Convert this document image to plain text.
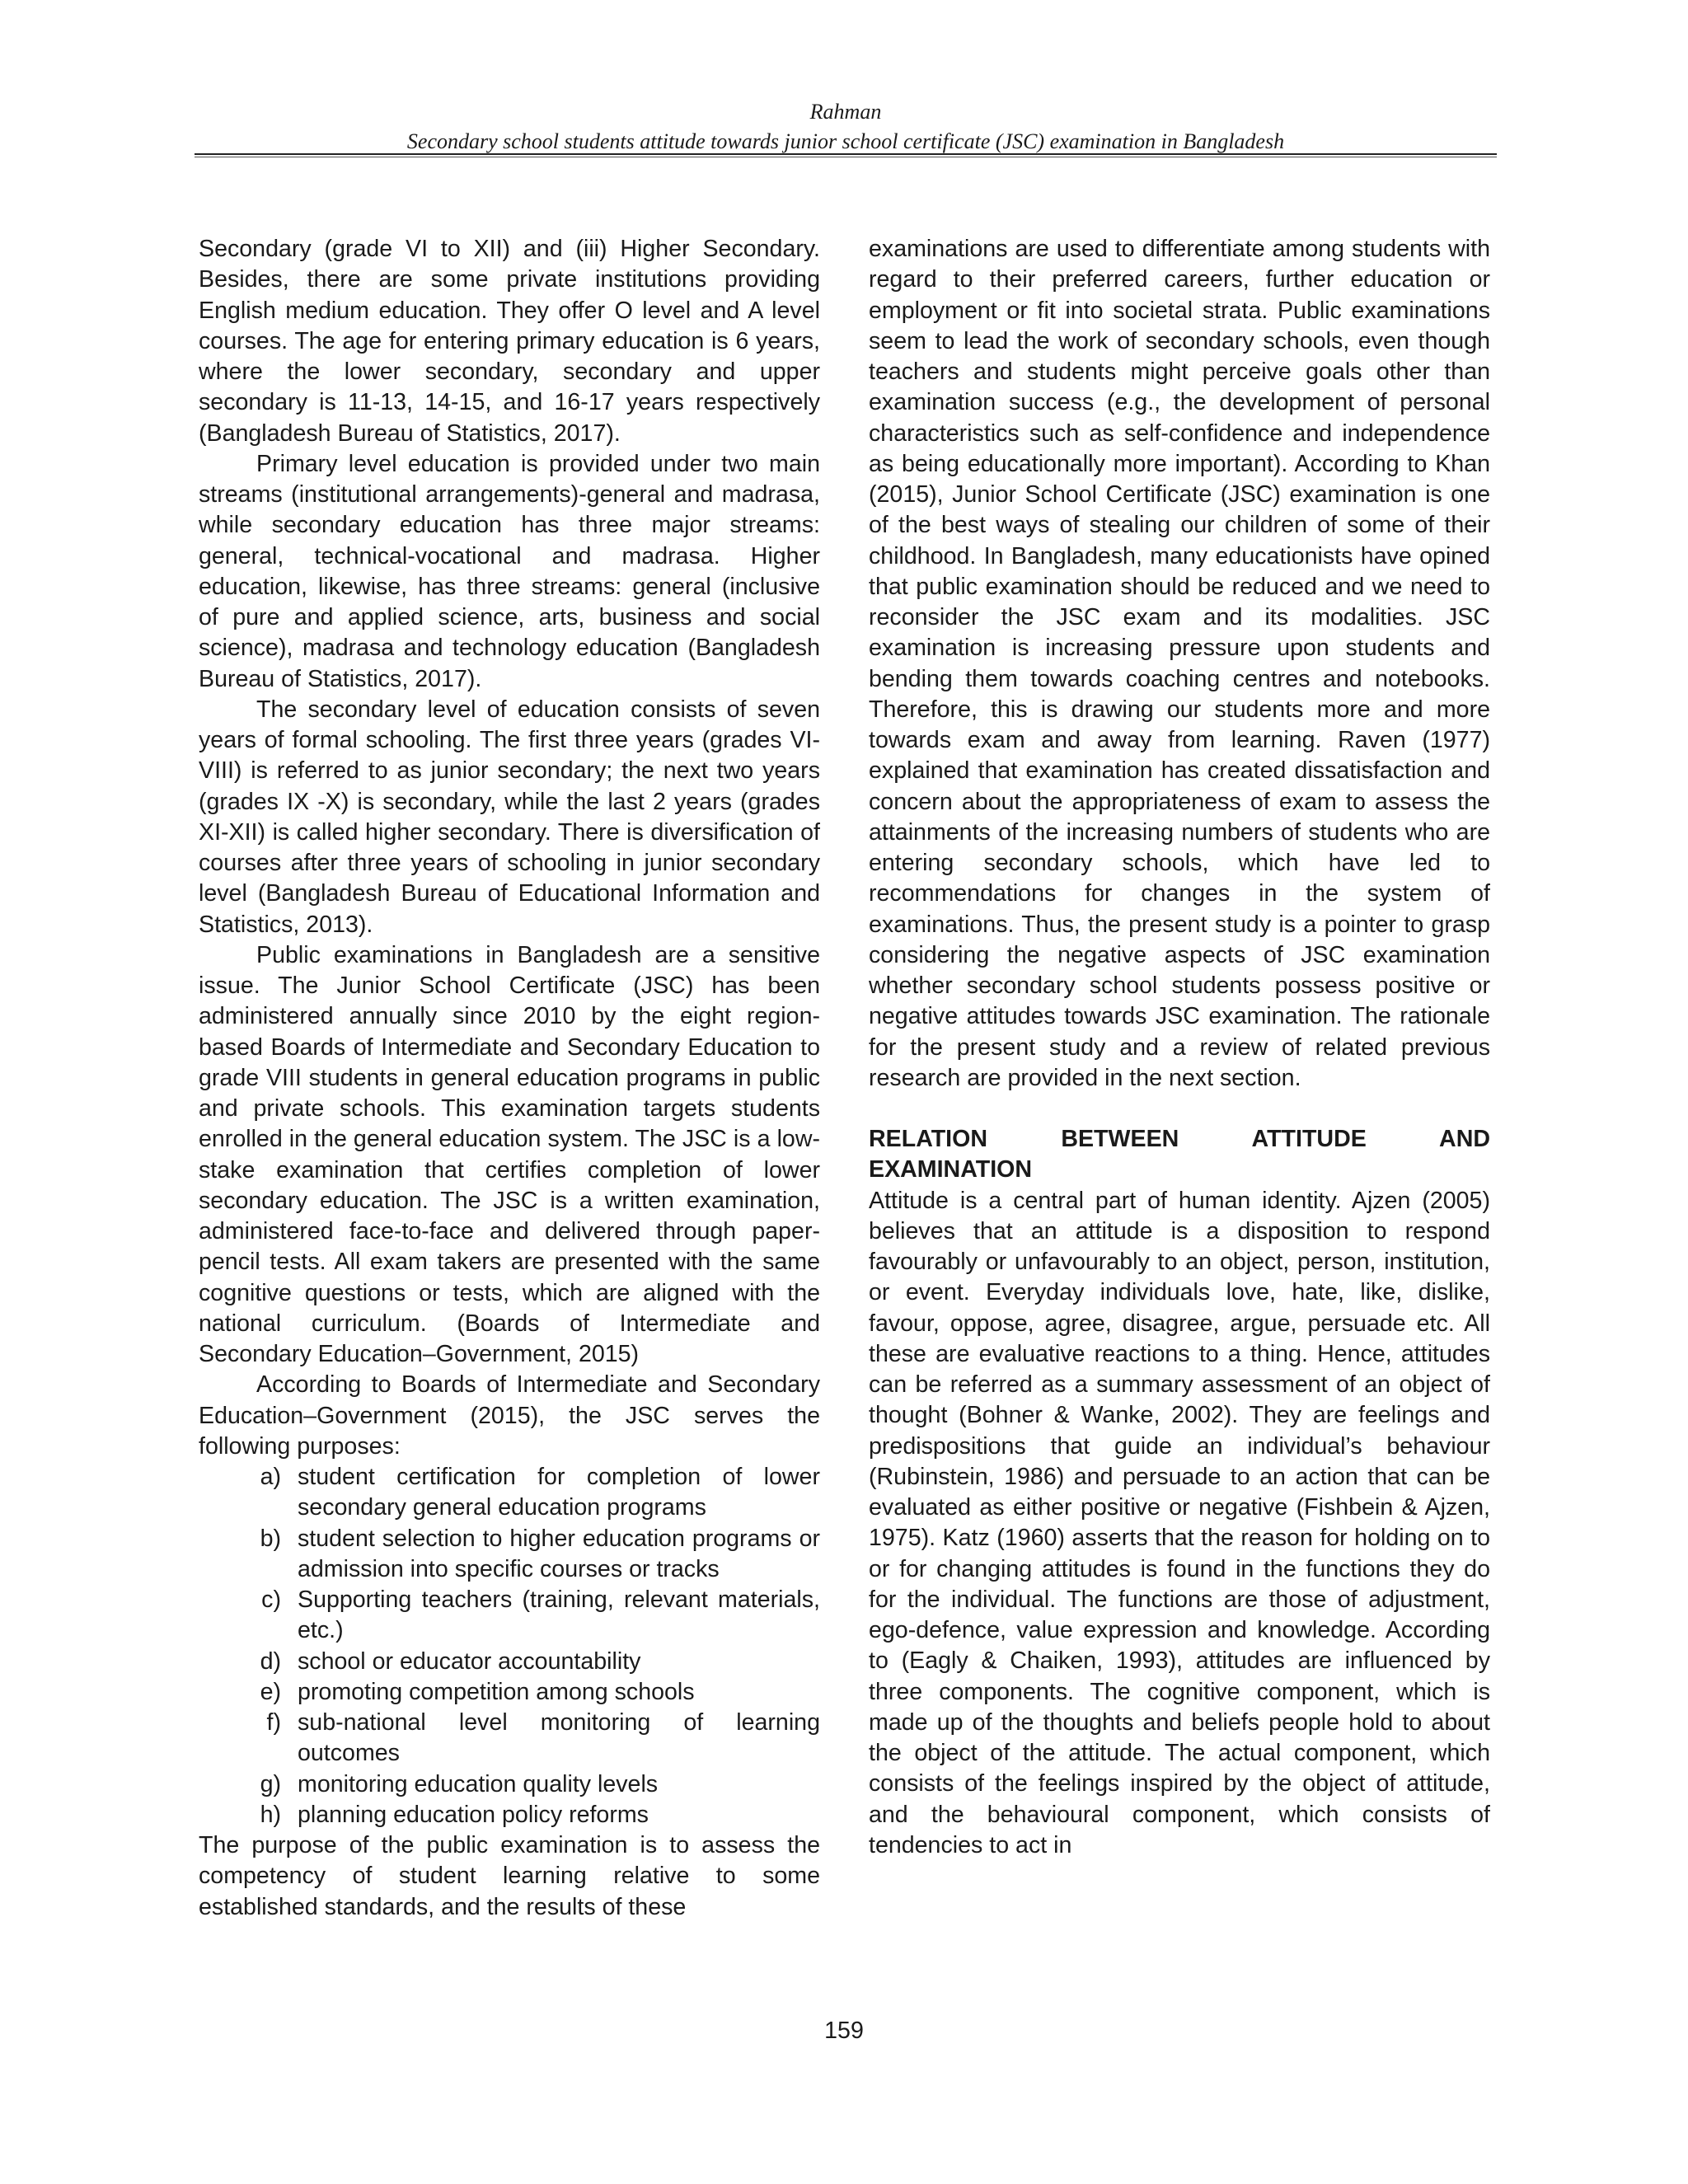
Rahman
Secondary school students attitude towards junior school certificate (JSC) examination in Bangladesh

Secondary (grade VI to XII) and (iii) Higher Secondary. Besides, there are some private institutions providing English medium education. They offer O level and A level courses. The age for entering primary education is 6 years, where the lower secondary, secondary and upper secondary is 11-13, 14-15, and 16-17 years respectively (Bangladesh Bureau of Statistics, 2017).

Primary level education is provided under two main streams (institutional arrangements)-general and madrasa, while secondary education has three major streams: general, technical-vocational and madrasa. Higher education, likewise, has three streams: general (inclusive of pure and applied science, arts, business and social science), madrasa and technology education (Bangladesh Bureau of Statistics, 2017).

The secondary level of education consists of seven years of formal schooling. The first three years (grades VI-VIII) is referred to as junior secondary; the next two years (grades IX -X) is secondary, while the last 2 years (grades XI-XII) is called higher secondary. There is diversification of courses after three years of schooling in junior secondary level (Bangladesh Bureau of Educational Information and Statistics, 2013).

Public examinations in Bangladesh are a sensitive issue. The Junior School Certificate (JSC) has been administered annually since 2010 by the eight region-based Boards of Intermediate and Secondary Education to grade VIII students in general education programs in public and private schools. This examination targets students enrolled in the general education system. The JSC is a low-stake examination that certifies completion of lower secondary education. The JSC is a written examination, administered face-to-face and delivered through paper-pencil tests. All exam takers are presented with the same cognitive questions or tests, which are aligned with the national curriculum. (Boards of Intermediate and Secondary Education–Government, 2015)

According to Boards of Intermediate and Secondary Education–Government (2015), the JSC serves the following purposes:

a) student certification for completion of lower secondary general education programs
b) student selection to higher education programs or admission into specific courses or tracks
c) Supporting teachers (training, relevant materials, etc.)
d) school or educator accountability
e) promoting competition among schools
f) sub-national level monitoring of learning outcomes
g) monitoring education quality levels
h) planning education policy reforms

The purpose of the public examination is to assess the competency of student learning relative to some established standards, and the results of these

examinations are used to differentiate among students with regard to their preferred careers, further education or employment or fit into societal strata. Public examinations seem to lead the work of secondary schools, even though teachers and students might perceive goals other than examination success (e.g., the development of personal characteristics such as self-confidence and independence as being educationally more important). According to Khan (2015), Junior School Certificate (JSC) examination is one of the best ways of stealing our children of some of their childhood. In Bangladesh, many educationists have opined that public examination should be reduced and we need to reconsider the JSC exam and its modalities. JSC examination is increasing pressure upon students and bending them towards coaching centres and notebooks. Therefore, this is drawing our students more and more towards exam and away from learning. Raven (1977) explained that examination has created dissatisfaction and concern about the appropriateness of exam to assess the attainments of the increasing numbers of students who are entering secondary schools, which have led to recommendations for changes in the system of examinations. Thus, the present study is a pointer to grasp considering the negative aspects of JSC examination whether secondary school students possess positive or negative attitudes towards JSC examination. The rationale for the present study and a review of related previous research are provided in the next section.

RELATION BETWEEN ATTITUDE AND

EXAMINATION

Attitude is a central part of human identity. Ajzen (2005) believes that an attitude is a disposition to respond favourably or unfavourably to an object, person, institution, or event. Everyday individuals love, hate, like, dislike, favour, oppose, agree, disagree, argue, persuade etc. All these are evaluative reactions to a thing. Hence, attitudes can be referred as a summary assessment of an object of thought (Bohner & Wanke, 2002). They are feelings and predispositions that guide an individual’s behaviour (Rubinstein, 1986) and persuade to an action that can be evaluated as either positive or negative (Fishbein & Ajzen, 1975). Katz (1960) asserts that the reason for holding on to or for changing attitudes is found in the functions they do for the individual. The functions are those of adjustment, ego-defence, value expression and knowledge. According to (Eagly & Chaiken, 1993), attitudes are influenced by three components. The cognitive component, which is made up of the thoughts and beliefs people hold to about the object of the attitude. The actual component, which consists of the feelings inspired by the object of attitude, and the behavioural component, which consists of tendencies to act in

159
